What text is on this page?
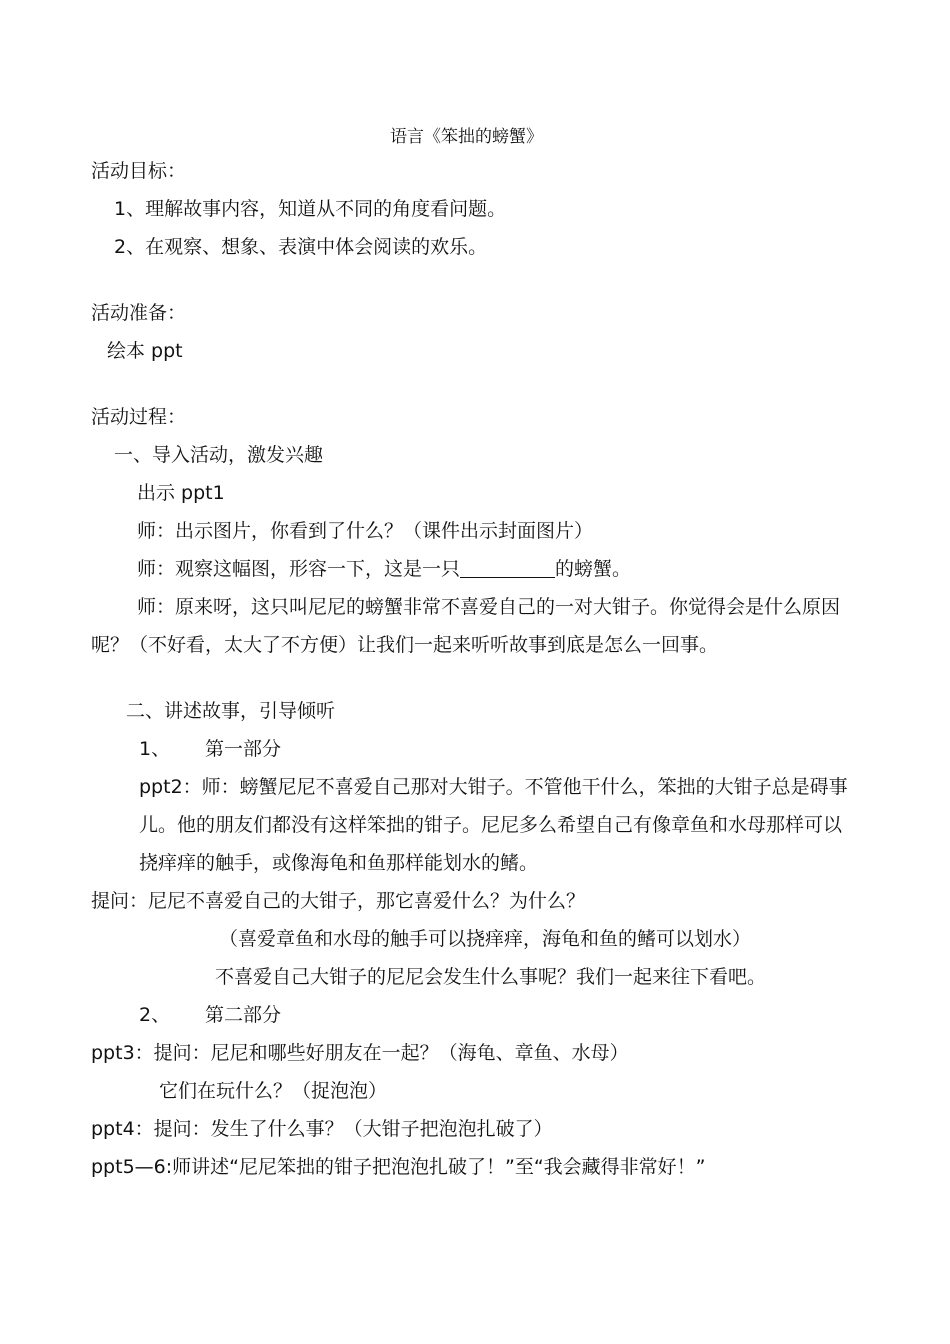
语言《笨拙的螃蟹》
活动目标：
1、理解故事内容，知道从不同的角度看问题。
2、在观察、想象、表演中体会阅读的欢乐。
活动准备：
绘本 ppt
活动过程：
一、导入活动，激发兴趣
出示 ppt1
师：出示图片，你看到了什么？（课件出示封面图片）
师：观察这幅图，形容一下，这是一只	的螃蟹。
师：原来呀，这只叫尼尼的螃蟹非常不喜爱自己的一对大钳子。你觉得会是什么原因
呢？（不好看，太大了不方便）让我们一起来听听故事到底是怎么一回事。
二、讲述故事，引导倾听
1、 第一部分
ppt2：师：螃蟹尼尼不喜爱自己那对大钳子。不管他干什么，笨拙的大钳子总是碍事
儿。他的朋友们都没有这样笨拙的钳子。尼尼多么希望自己有像章鱼和水母那样可以
挠痒痒的触手，或像海龟和鱼那样能划水的鳍。
提问：尼尼不喜爱自己的大钳子，那它喜爱什么？为什么？
（喜爱章鱼和水母的触手可以挠痒痒，海龟和鱼的鳍可以划水）
不喜爱自己大钳子的尼尼会发生什么事呢？我们一起来往下看吧。
2、 第二部分
ppt3：提问：尼尼和哪些好朋友在一起？（海龟、章鱼、水母）
它们在玩什么？（捉泡泡）
ppt4：提问：发生了什么事？（大钳子把泡泡扎破了）
ppt5—6:师讲述“尼尼笨拙的钳子把泡泡扎破了！”至“我会藏得非常好！”
